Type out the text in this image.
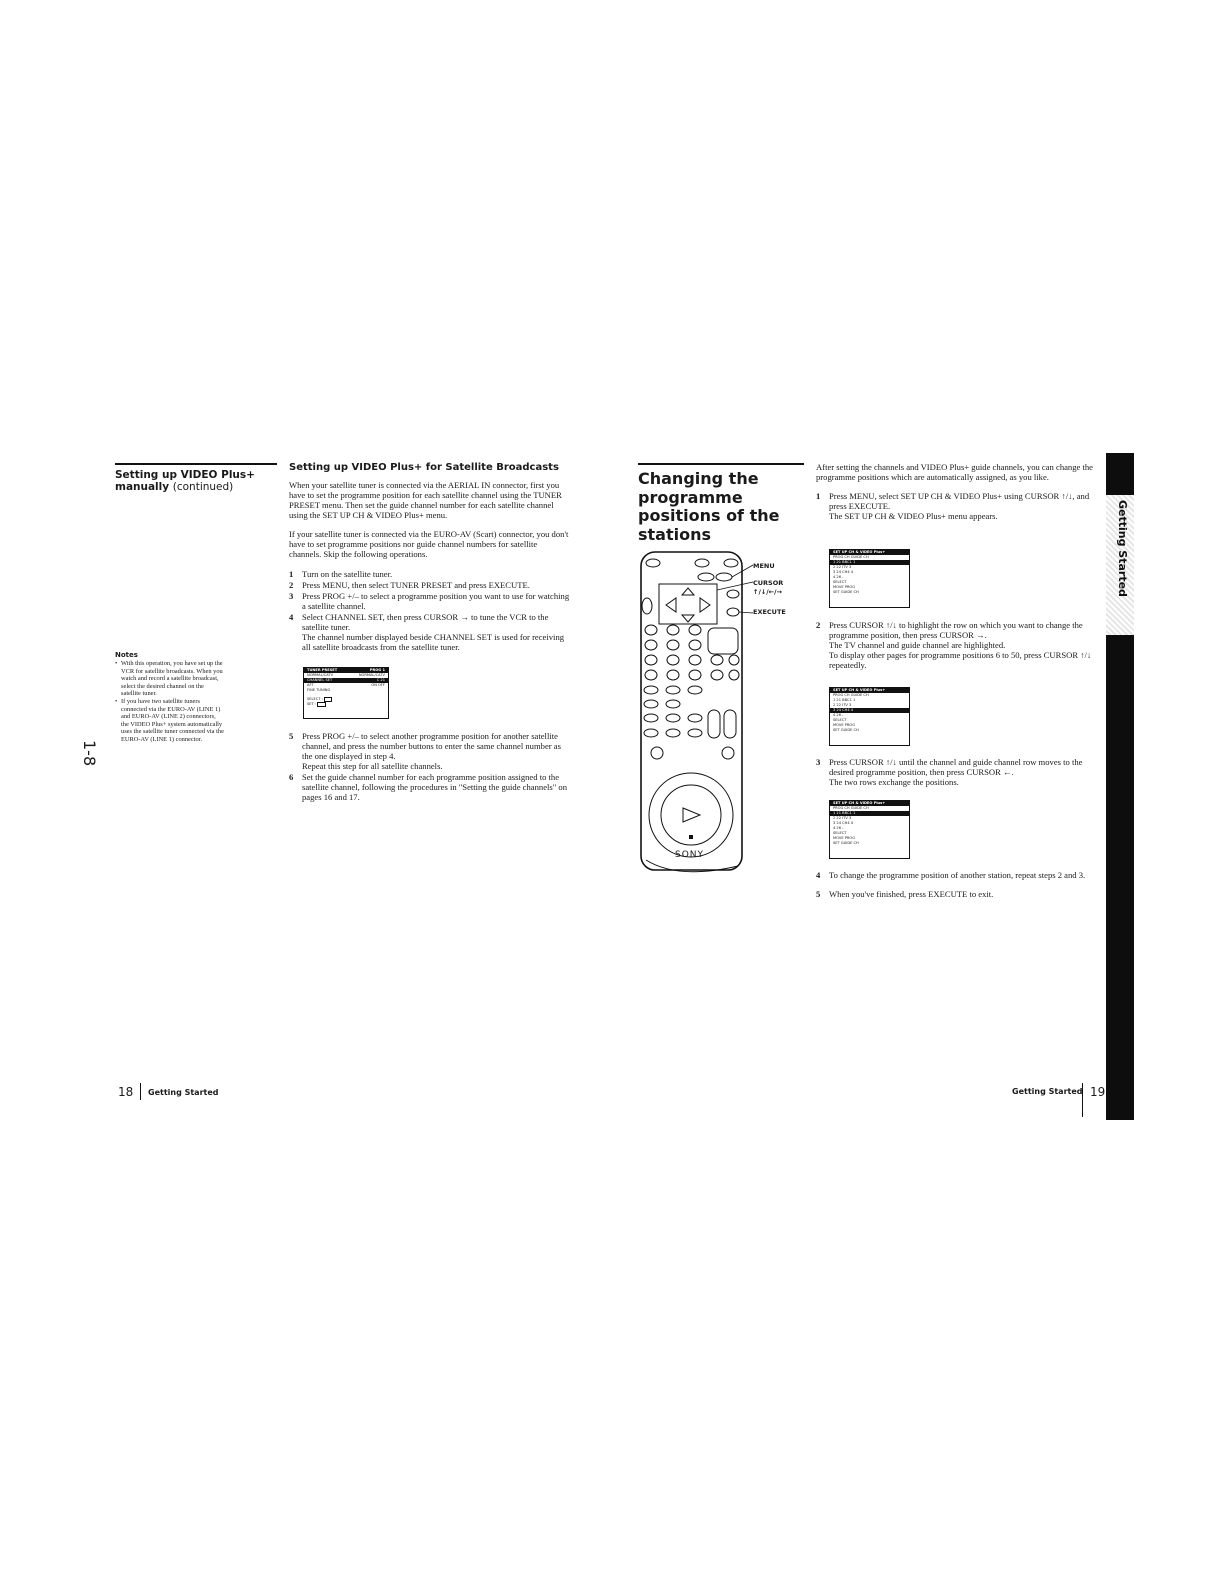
1-8
Setting up VIDEO Plus+ manually (continued)
Setting up VIDEO Plus+ for Satellite Broadcasts

When your satellite tuner is connected via the AERIAL IN connector, first you have to set the programme position for each satellite channel using the TUNER PRESET menu. Then set the guide channel number for each satellite channel using the SET UP CH & VIDEO Plus+ menu.

If your satellite tuner is connected via the EURO-AV (Scart) connector, you don't have to set programme positions nor guide channel numbers for satellite channels. Skip the following operations.

1 Turn on the satellite tuner.
2 Press MENU, then select TUNER PRESET and press EXECUTE.
3 Press PROG +/– to select a programme position you want to use for watching a satellite channel.
4 Select CHANNEL SET, then press CURSOR → to tune the VCR to the satellite tuner.
The channel number displayed beside CHANNEL SET is used for receiving all satellite broadcasts from the satellite tuner.
TUNER PRESET	PROG 1
NORMAL/CATV	NORMAL/CATV
CHANNEL SET	C 21
AFT	ON OFF
FINE TUNING
SELECT :
SET :
5 Press PROG +/– to select another programme position for another satellite channel, and press the number buttons to enter the same channel number as the one displayed in step 4.
Repeat this step for all satellite channels.
6 Set the guide channel number for each programme position assigned to the satellite channel, following the procedures in "Setting the guide channels" on pages 16 and 17.
Notes
• With this operation, you have set up the VCR for satellite broadcasts. When you watch and record a satellite broadcast, select the desired channel on the satellite tuner.
• If you have two satellite tuners connected via the EURO-AV (LINE 1) and EURO-AV (LINE 2) connectors, the VIDEO Plus+ system automatically uses the satellite tuner connected via the EURO-AV (LINE 1) connector.
18 Getting Started
Changing the programme positions of the stations
MENU
CURSOR
↑/↓/←/→
EXECUTE
SONY

After setting the channels and VIDEO Plus+ guide channels, you can change the programme positions which are automatically assigned, as you like.

1 Press MENU, select SET UP CH & VIDEO Plus+ using CURSOR ↑/↓, and press EXECUTE.
The SET UP CH & VIDEO Plus+ menu appears.
SET UP CH & VIDEO Plus+
PROG CH GUIDE CH
1 21 BBC1 1
2 22 ITV 3
3 24 CH4 4
4 26 -
SELECT
MOVE PROG
SET GUIDE CH
2 Press CURSOR ↑/↓ to highlight the row on which you want to change the programme position, then press CURSOR →.
The TV channel and guide channel are highlighted.
To display other pages for programme positions 6 to 50, press CURSOR ↑/↓ repeatedly.
SET UP CH & VIDEO Plus+
PROG CH GUIDE CH
1 21 BBC1 1
2 22 ITV 3
3 24 CH4 4
4 26 -
SELECT
MOVE PROG
SET GUIDE CH
3 Press CURSOR ↑/↓ until the channel and guide channel row moves to the desired programme position, then press CURSOR ←.
The two rows exchange the positions.
SET UP CH & VIDEO Plus+
PROG CH GUIDE CH
1 21 BBC1 1
2 22 ITV 3
3 24 CH4 4
4 26 -
SELECT
MOVE PROG
SET GUIDE CH
4 To change the programme position of another station, repeat steps 2 and 3.
5 When you've finished, press EXECUTE to exit.
Getting Started
Getting Started 19
